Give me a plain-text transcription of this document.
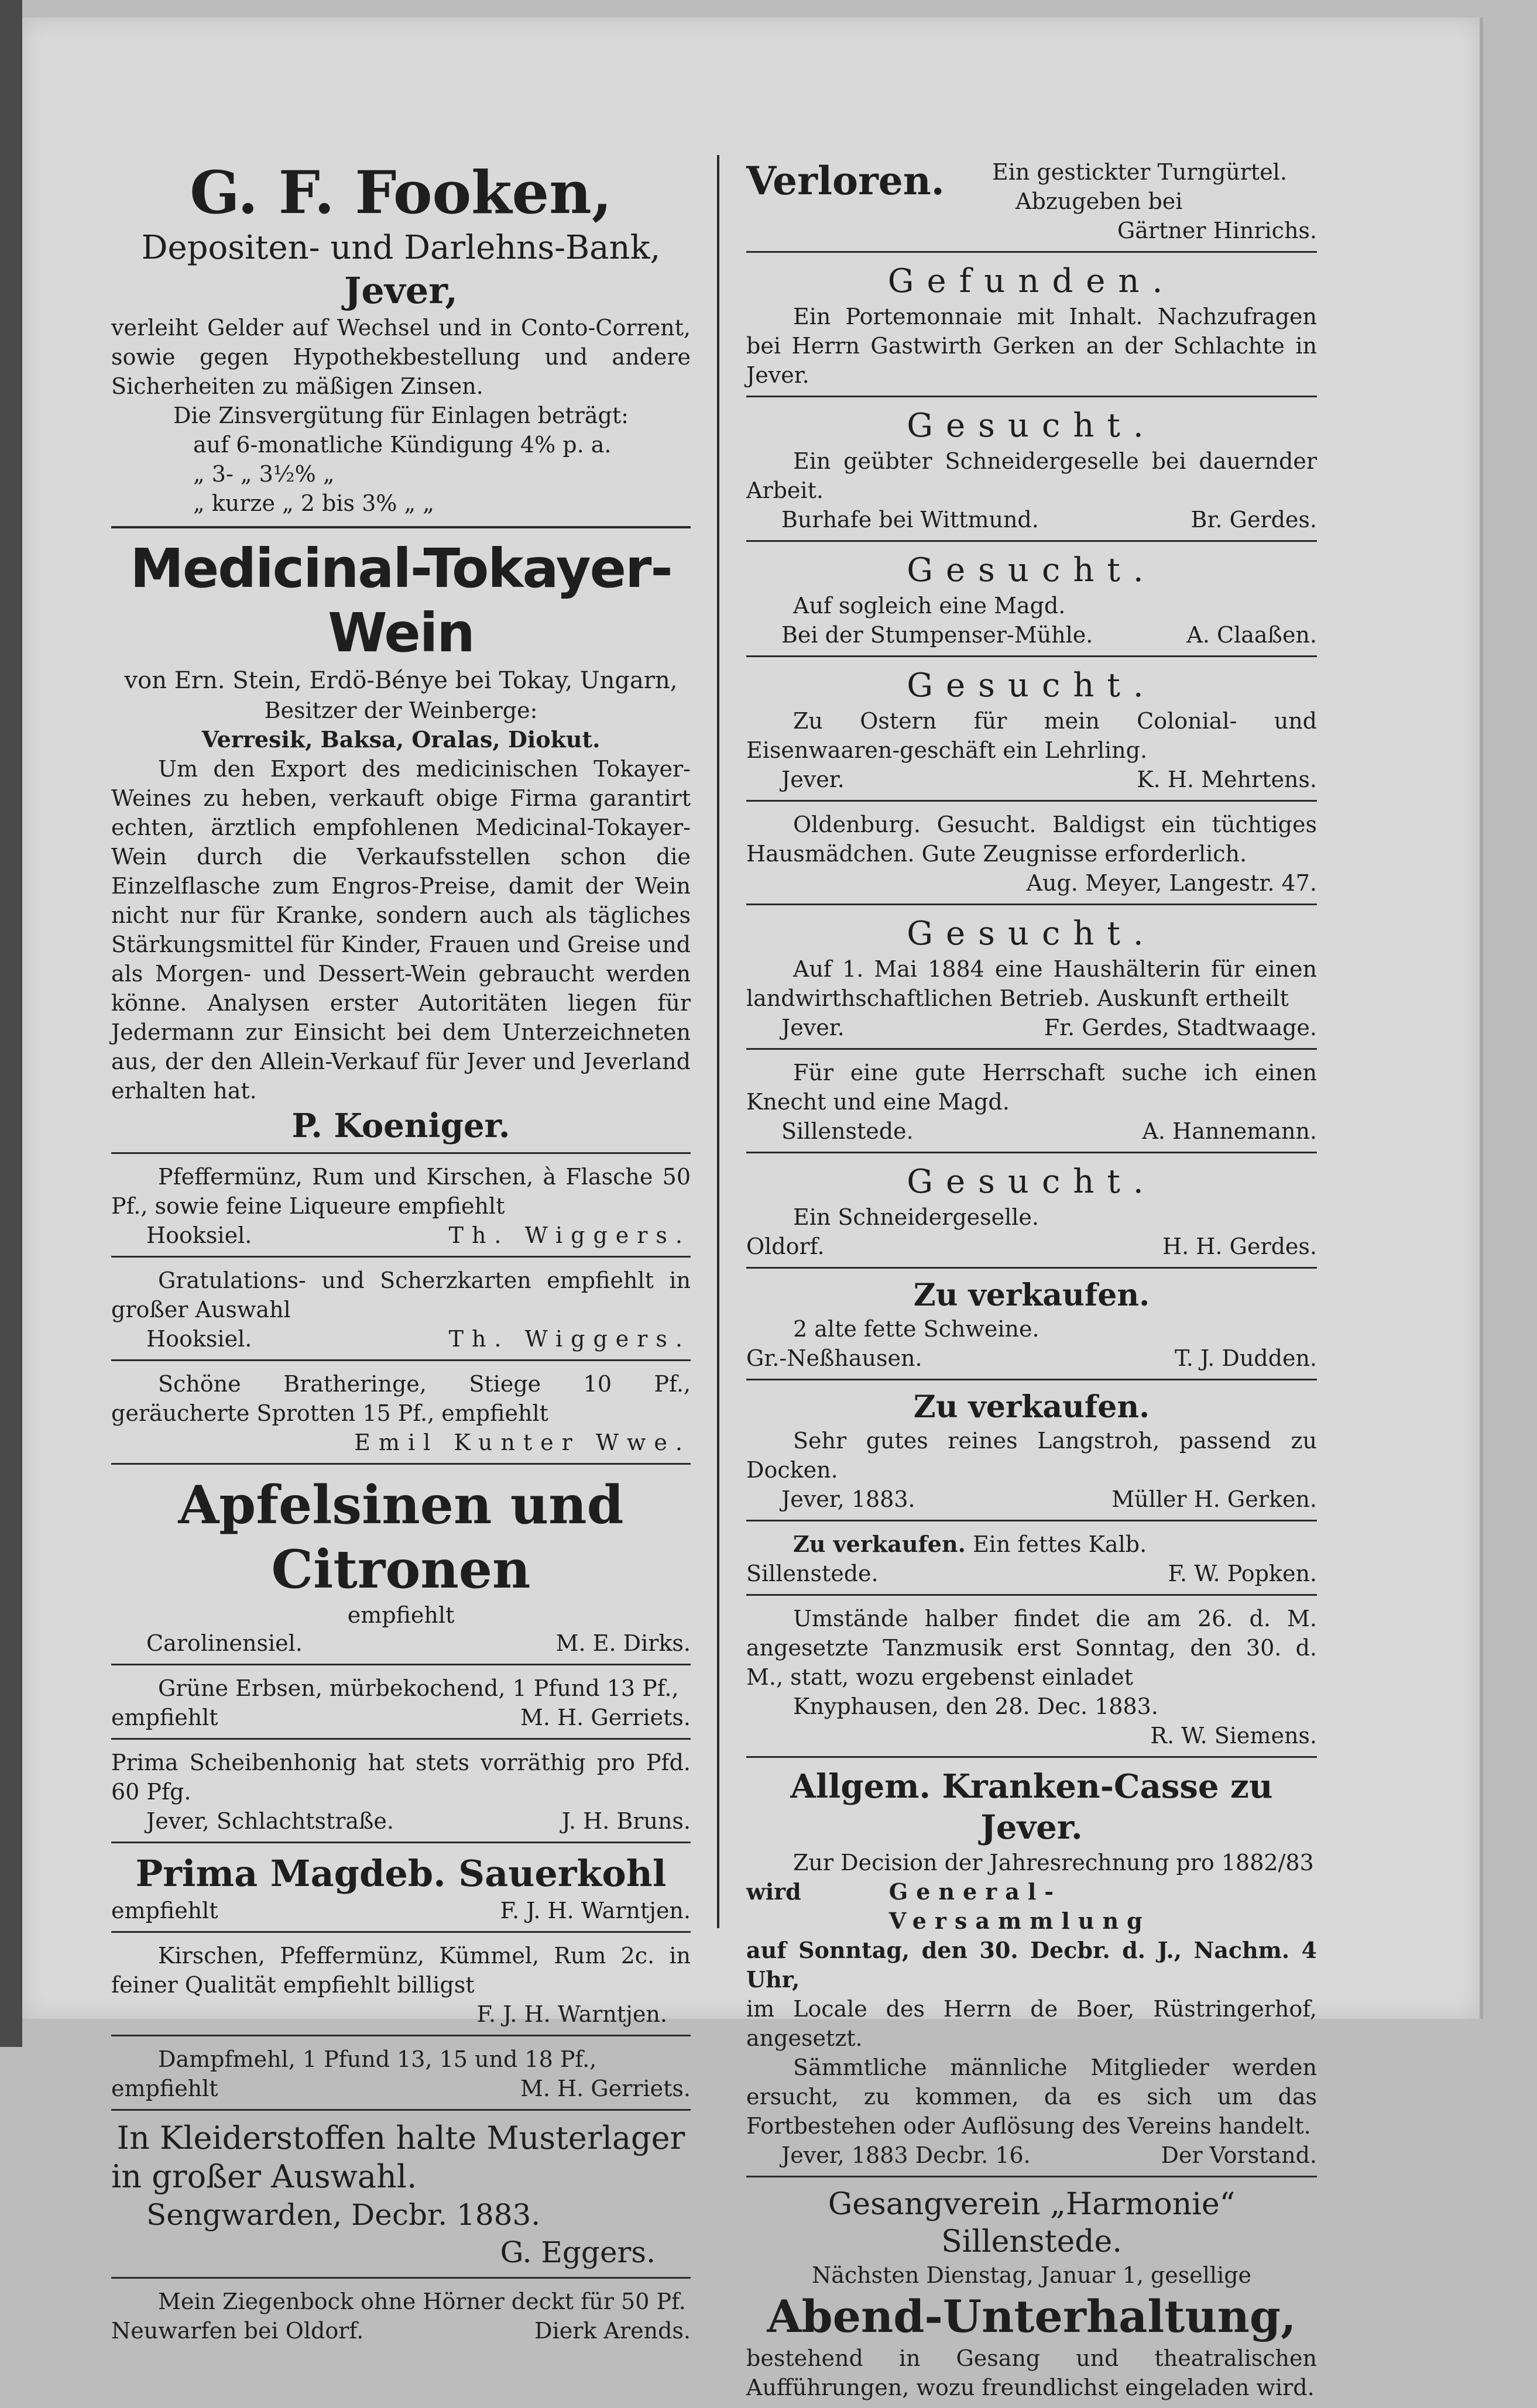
G. F. Fooken,

Depositen- und Darlehns-Bank,

Jever,

verleiht Gelder auf Wechsel und in Conto-Corrent, sowie gegen Hypothekbestellung und andere Sicherheiten zu mäßigen Zinsen.

Die Zinsvergütung für Einlagen beträgt:

auf 6-monatliche Kündigung 4% p. a.

„ 3- „ 3½% „

„ kurze „ 2 bis 3% „ „

Medicinal-Tokayer-Wein

von Ern. Stein, Erdö-Bénye bei Tokay, Ungarn,

Besitzer der Weinberge:

Verresik, Baksa, Oralas, Diokut.

Um den Export des medicinischen Tokayer-Weines zu heben, verkauft obige Firma garantirt echten, ärztlich empfohlenen Medicinal-Tokayer-Wein durch die Verkaufsstellen schon die Einzelflasche zum Engros-Preise, damit der Wein nicht nur für Kranke, sondern auch als tägliches Stärkungsmittel für Kinder, Frauen und Greise und als Morgen- und Dessert-Wein gebraucht werden könne. Analysen erster Autoritäten liegen für Jedermann zur Einsicht bei dem Unterzeichneten aus, der den Allein-Verkauf für Jever und Jeverland erhalten hat.

P. Koeniger.

Pfeffermünz, Rum und Kirschen, à Flasche 50 Pf., sowie feine Liqueure empfiehlt

Hooksiel.	Th. Wiggers.

Gratulations- und Scherzkarten empfiehlt in großer Auswahl

Hooksiel.	Th. Wiggers.

Schöne Bratheringe, Stiege 10 Pf., geräucherte Sprotten 15 Pf., empfiehlt

Emil Kunter Wwe.

Apfelsinen und Citronen

empfiehlt

Carolinensiel.	M. E. Dirks.

Grüne Erbsen, mürbekochend, 1 Pfund 13 Pf.,

empfiehlt	M. H. Gerriets.

Prima Scheibenhonig hat stets vorräthig pro Pfd. 60 Pfg.

Jever, Schlachtstraße.	J. H. Bruns.

Prima Magdeb. Sauerkohl

empfiehlt	F. J. H. Warntjen.

Kirschen, Pfeffermünz, Kümmel, Rum 2c. in feiner Qualität empfiehlt billigst

F. J. H. Warntjen.

Dampfmehl, 1 Pfund 13, 15 und 18 Pf.,

empfiehlt	M. H. Gerriets.

In Kleiderstoffen halte Musterlager

in großer Auswahl.

Sengwarden, Decbr. 1883.

G. Eggers.

Mein Ziegenbock ohne Hörner deckt für 50 Pf.

Neuwarfen bei Oldorf.	Dierk Arends.

Verloren.	Ein gestickter Turngürtel.

Abzugeben bei

Gärtner Hinrichs.

Gefunden.

Ein Portemonnaie mit Inhalt. Nachzufragen bei Herrn Gastwirth Gerken an der Schlachte in Jever.

Gesucht.

Ein geübter Schneidergeselle bei dauernder Arbeit.

Burhafe bei Wittmund.	Br. Gerdes.

Gesucht.

Auf sogleich eine Magd.

Bei der Stumpenser-Mühle.	A. Claaßen.

Gesucht.

Zu Ostern für mein Colonial- und Eisenwaaren-geschäft ein Lehrling.

Jever.	K. H. Mehrtens.

Oldenburg. Gesucht. Baldigst ein tüchtiges Hausmädchen. Gute Zeugnisse erforderlich.

Aug. Meyer, Langestr. 47.

Gesucht.

Auf 1. Mai 1884 eine Haushälterin für einen landwirthschaftlichen Betrieb. Auskunft ertheilt

Jever.	Fr. Gerdes, Stadtwaage.

Für eine gute Herrschaft suche ich einen Knecht und eine Magd.

Sillenstede.	A. Hannemann.

Gesucht.

Ein Schneidergeselle.

Oldorf.	H. H. Gerdes.

Zu verkaufen.

2 alte fette Schweine.

Gr.-Neßhausen.	T. J. Dudden.

Zu verkaufen.

Sehr gutes reines Langstroh, passend zu Docken.

Jever, 1883.	Müller H. Gerken.

Zu verkaufen. Ein fettes Kalb.

Sillenstede.	F. W. Popken.

Umstände halber findet die am 26. d. M. angesetzte Tanzmusik erst Sonntag, den 30. d. M., statt, wozu ergebenst einladet

Knyphausen, den 28. Dec. 1883.

R. W. Siemens.

Allgem. Kranken-Casse zu Jever.

Zur Decision der Jahresrechnung pro 1882/83

wird	General-Versammlung

auf Sonntag, den 30. Decbr. d. J., Nachm. 4 Uhr,

im Locale des Herrn de Boer, Rüstringerhof, angesetzt.

Sämmtliche männliche Mitglieder werden ersucht, zu kommen, da es sich um das Fortbestehen oder Auflösung des Vereins handelt.

Jever, 1883 Decbr. 16.	Der Vorstand.

Gesangverein „Harmonie“

Sillenstede.

Nächsten Dienstag, Januar 1, gesellige

Abend-Unterhaltung,

bestehend in Gesang und theatralischen Aufführungen, wozu freundlichst eingeladen wird.
